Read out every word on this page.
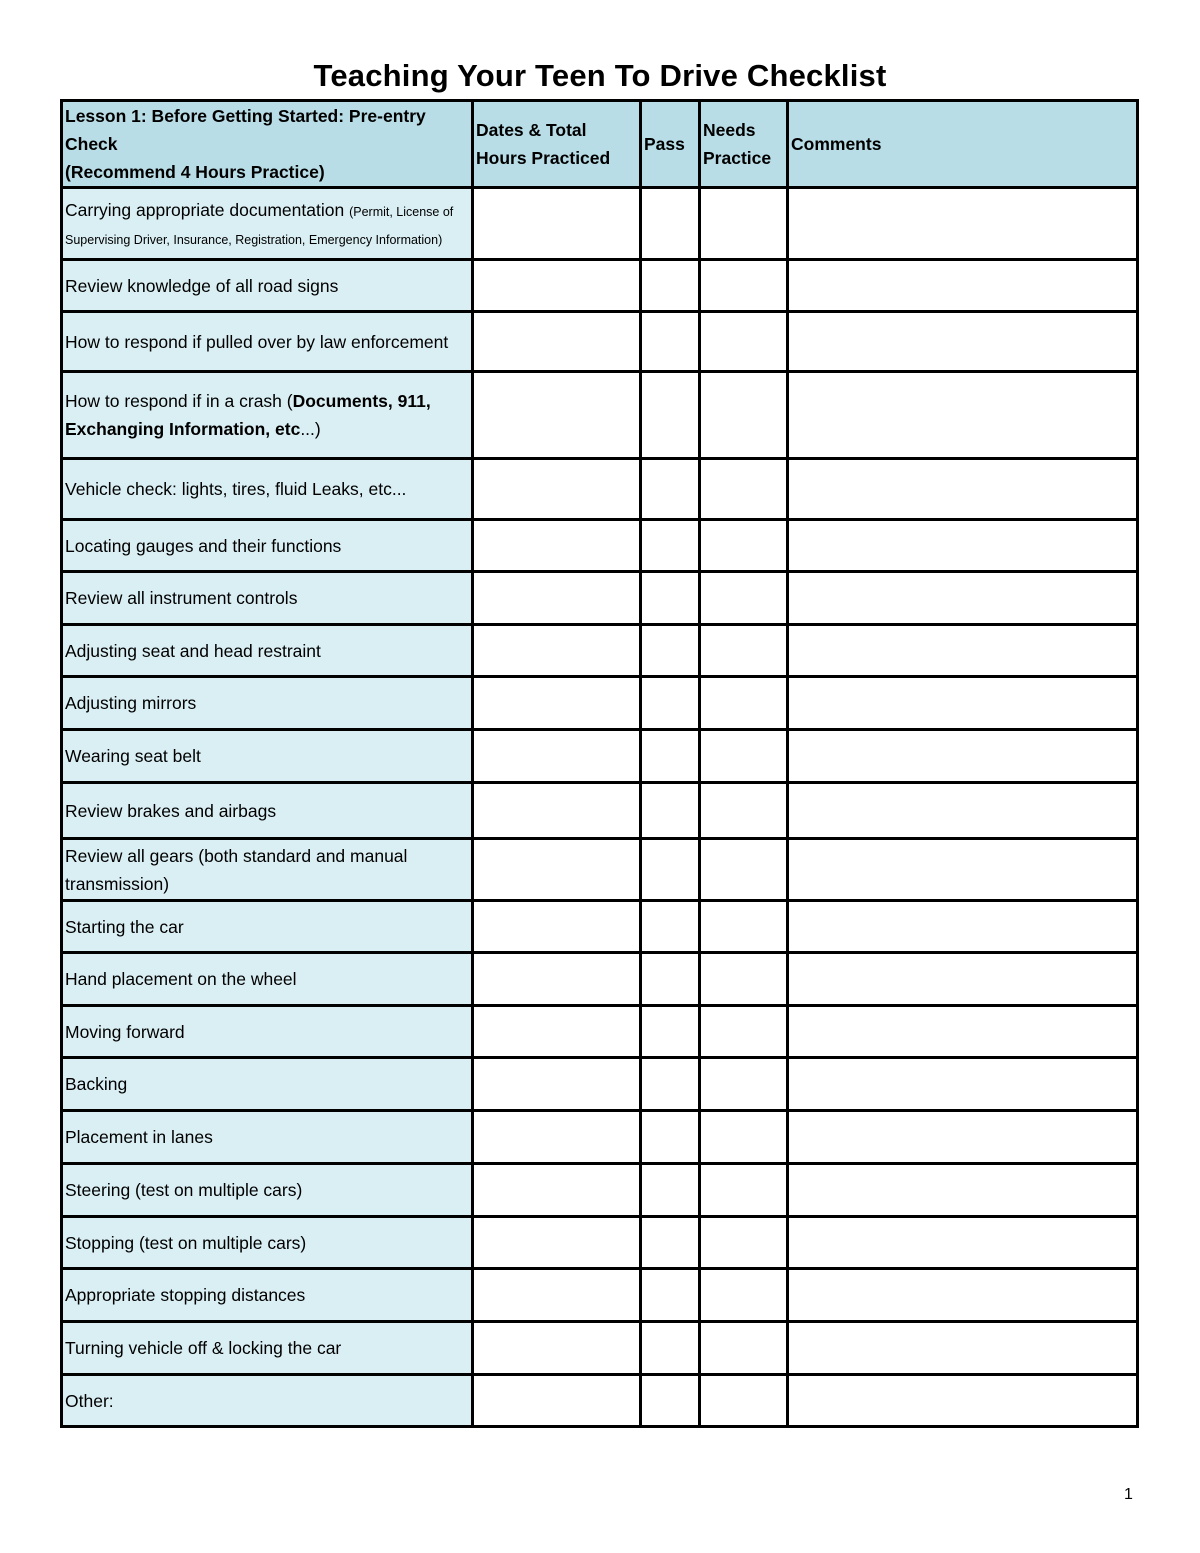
Teaching Your Teen To Drive Checklist
Lesson 1: Before Getting Started: Pre-entry Check
(Recommend 4 Hours Practice)	Dates & Total Hours Practiced	Pass	Needs Practice	Comments
Carrying appropriate documentation (Permit, License of Supervising Driver, Insurance, Registration, Emergency Information)				
Review knowledge of all road signs				
How to respond if pulled over by law enforcement				
How to respond if in a crash (Documents, 911, Exchanging Information, etc...)				
Vehicle check: lights, tires, fluid Leaks, etc...				
Locating gauges and their functions				
Review all instrument controls				
Adjusting seat and head restraint				
Adjusting mirrors				
Wearing seat belt				
Review brakes and airbags				
Review all gears (both standard and manual transmission)				
Starting the car				
Hand placement on the wheel				
Moving forward				
Backing				
Placement in lanes				
Steering (test on multiple cars)				
Stopping (test on multiple cars)				
Appropriate stopping distances				
Turning vehicle off & locking the car				
Other:				
1
